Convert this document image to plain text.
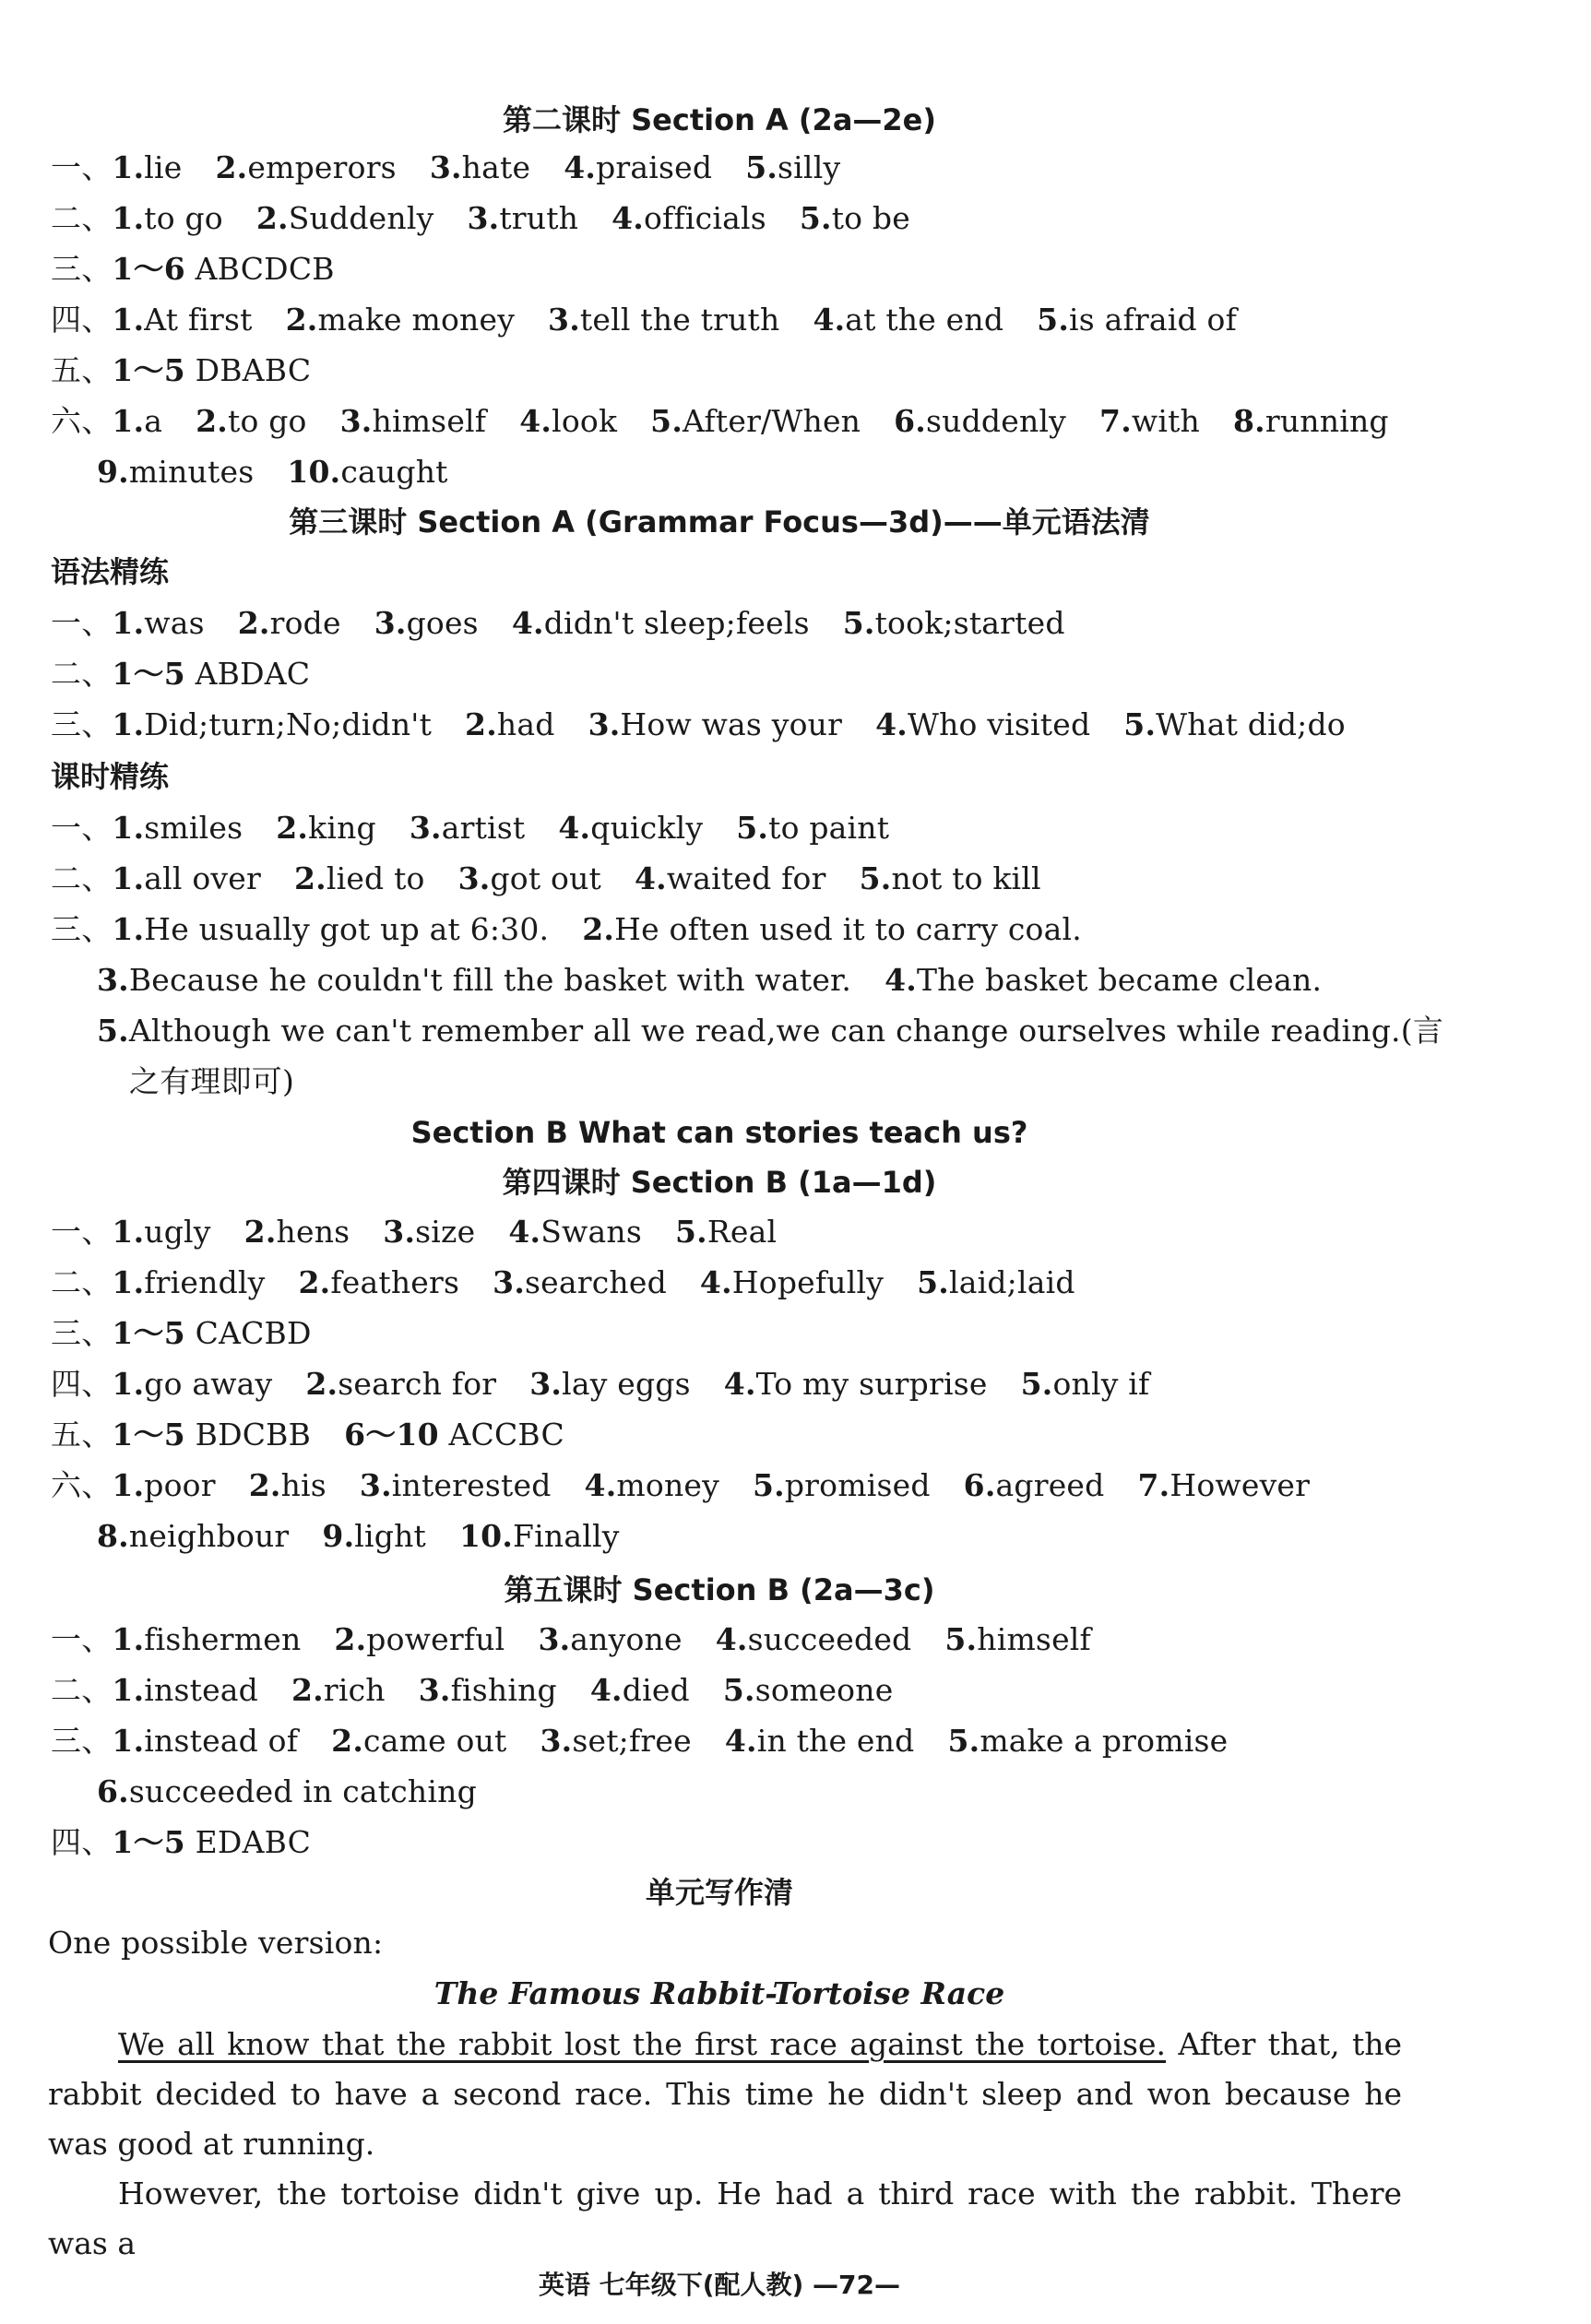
第二课时 Section A (2a—2e)
一、1.lie 2.emperors 3.hate 4.praised 5.silly
二、1.to go 2.Suddenly 3.truth 4.officials 5.to be
三、1～6 ABCDCB
四、1.At first 2.make money 3.tell the truth 4.at the end 5.is afraid of
五、1～5 DBABC
六、1.a 2.to go 3.himself 4.look 5.After/When 6.suddenly 7.with 8.running
9.minutes 10.caught
第三课时 Section A (Grammar Focus—3d)——单元语法清
语法精练
一、1.was 2.rode 3.goes 4.didn't sleep;feels 5.took;started
二、1～5 ABDAC
三、1.Did;turn;No;didn't 2.had 3.How was your 4.Who visited 5.What did;do
课时精练
一、1.smiles 2.king 3.artist 4.quickly 5.to paint
二、1.all over 2.lied to 3.got out 4.waited for 5.not to kill
三、1.He usually got up at 6:30. 2.He often used it to carry coal.
3.Because he couldn't fill the basket with water. 4.The basket became clean.
5.Although we can't remember all we read,we can change ourselves while reading.(言
之有理即可)
Section B What can stories teach us?
第四课时 Section B (1a—1d)
一、1.ugly 2.hens 3.size 4.Swans 5.Real
二、1.friendly 2.feathers 3.searched 4.Hopefully 5.laid;laid
三、1～5 CACBD
四、1.go away 2.search for 3.lay eggs 4.To my surprise 5.only if
五、1～5 BDCBB 6～10 ACCBC
六、1.poor 2.his 3.interested 4.money 5.promised 6.agreed 7.However
8.neighbour 9.light 10.Finally
第五课时 Section B (2a—3c)
一、1.fishermen 2.powerful 3.anyone 4.succeeded 5.himself
二、1.instead 2.rich 3.fishing 4.died 5.someone
三、1.instead of 2.came out 3.set;free 4.in the end 5.make a promise
6.succeeded in catching
四、1～5 EDABC
单元写作清
One possible version:
The Famous Rabbit-Tortoise Race
We all know that the rabbit lost the first race against the tortoise. After that, the rabbit decided to have a second race. This time he didn't sleep and won because he was good at running.
However, the tortoise didn't give up. He had a third race with the rabbit. There was a
英语 七年级下(配人教) —72—
